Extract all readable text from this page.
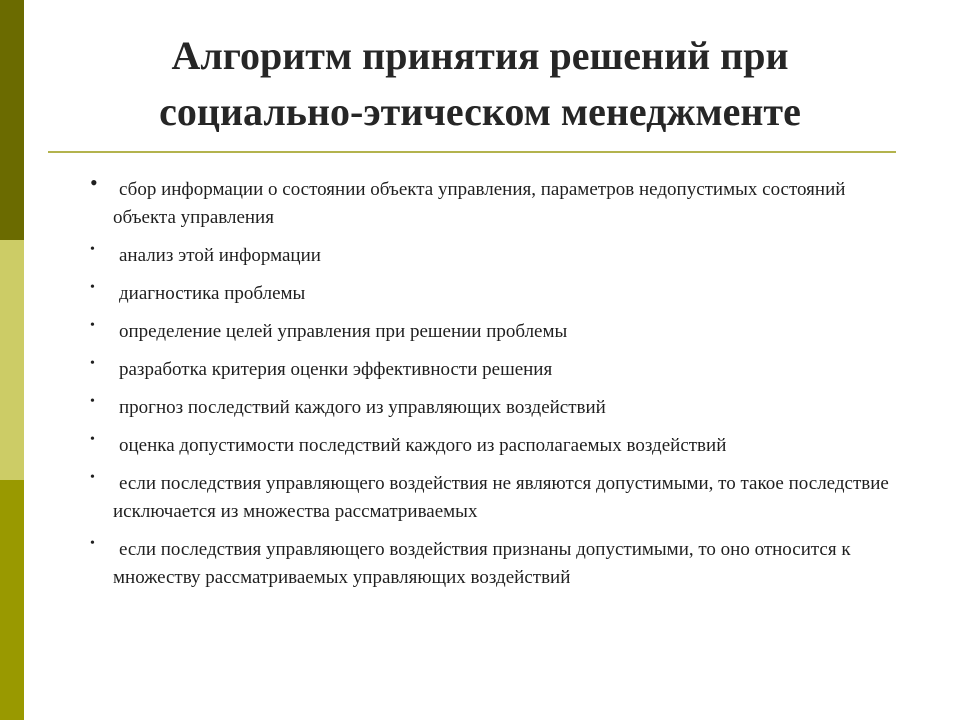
Алгоритм принятия решений при
социально-этическом менеджменте
•	сбор информации о состоянии объекта управления, параметров недопустимых состояний объекта управления
•	анализ этой информации
•	диагностика проблемы
•	определение целей управления при решении проблемы
•	разработка критерия оценки эффективности решения
•	прогноз последствий каждого из управляющих воздействий
•	оценка допустимости последствий каждого из располагаемых воздействий
•	если последствия управляющего воздействия не являются допустимыми, то такое последствие исключается из множества рассматриваемых
•	если последствия управляющего воздействия признаны допустимыми, то оно относится к множеству рассматриваемых управляющих воздействий
